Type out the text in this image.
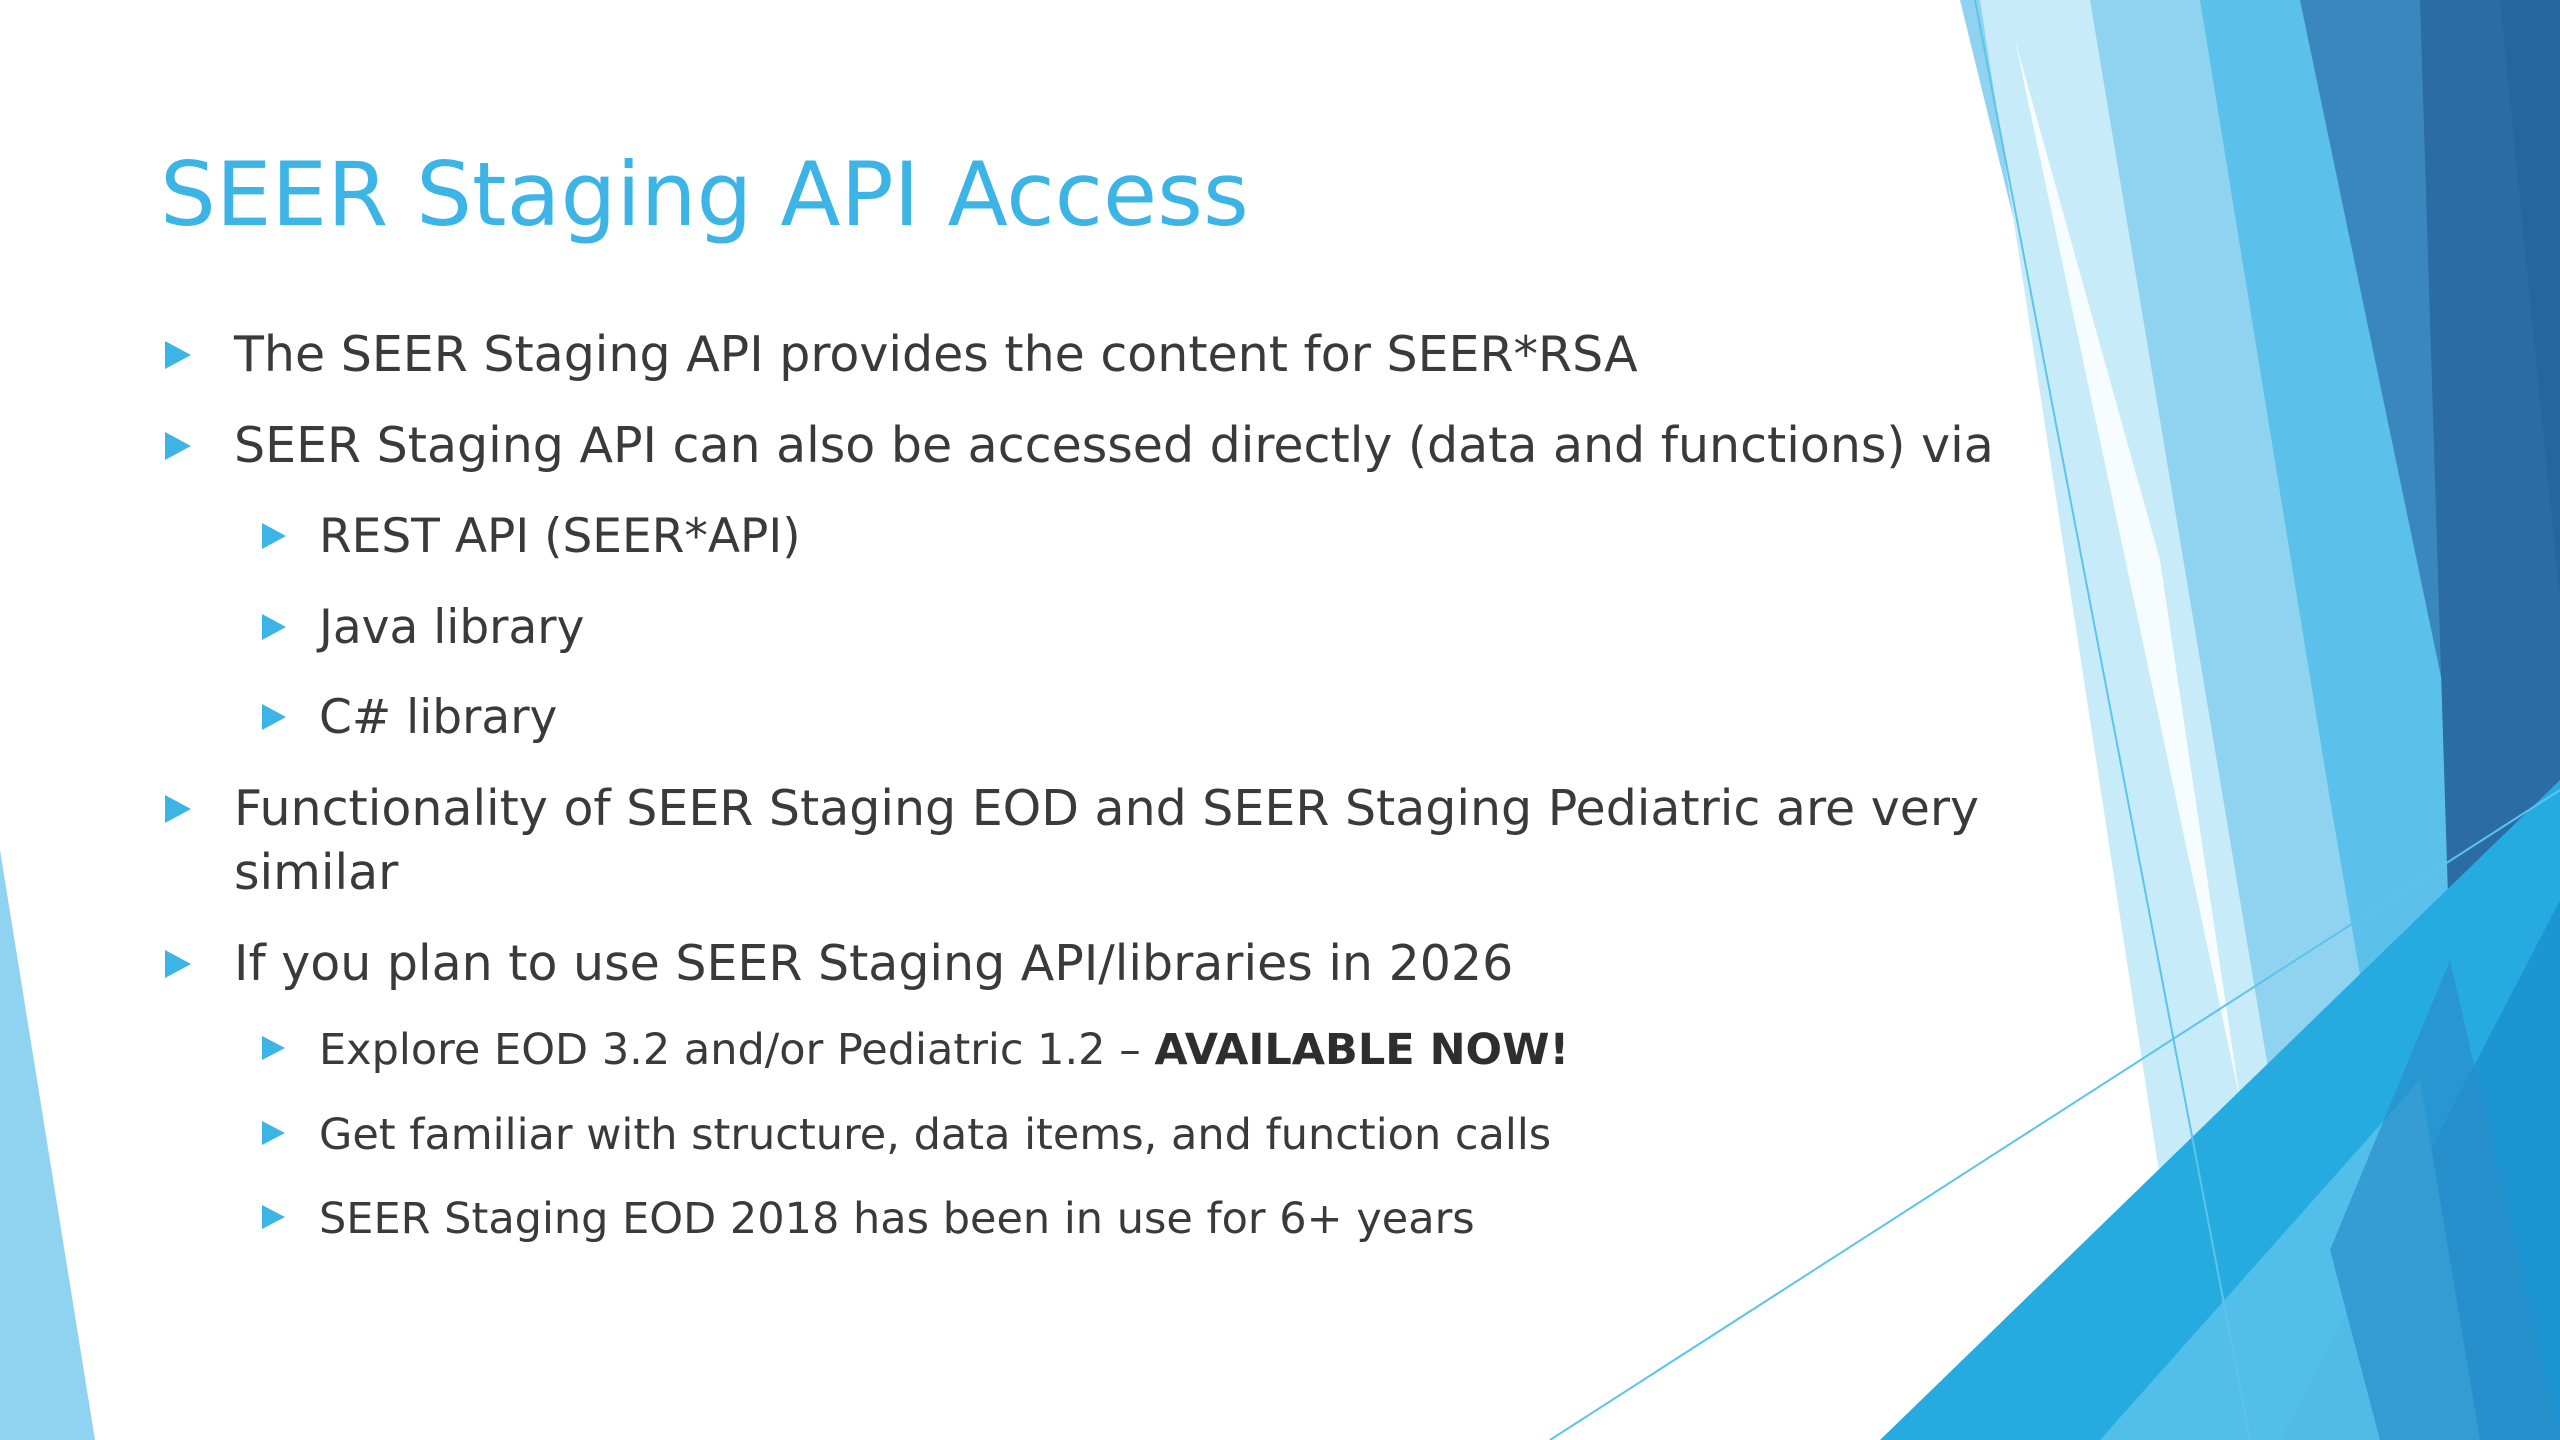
SEER Staging API Access
The SEER Staging API provides the content for SEER*RSA
SEER Staging API can also be accessed directly (data and functions) via
REST API (SEER*API)
Java library
C# library
Functionality of SEER Staging EOD and SEER Staging Pediatric are very similar
If you plan to use SEER Staging API/libraries in 2026
Explore EOD 3.2 and/or Pediatric 1.2 – AVAILABLE NOW!
Get familiar with structure, data items, and function calls
SEER Staging EOD 2018 has been in use for 6+ years
